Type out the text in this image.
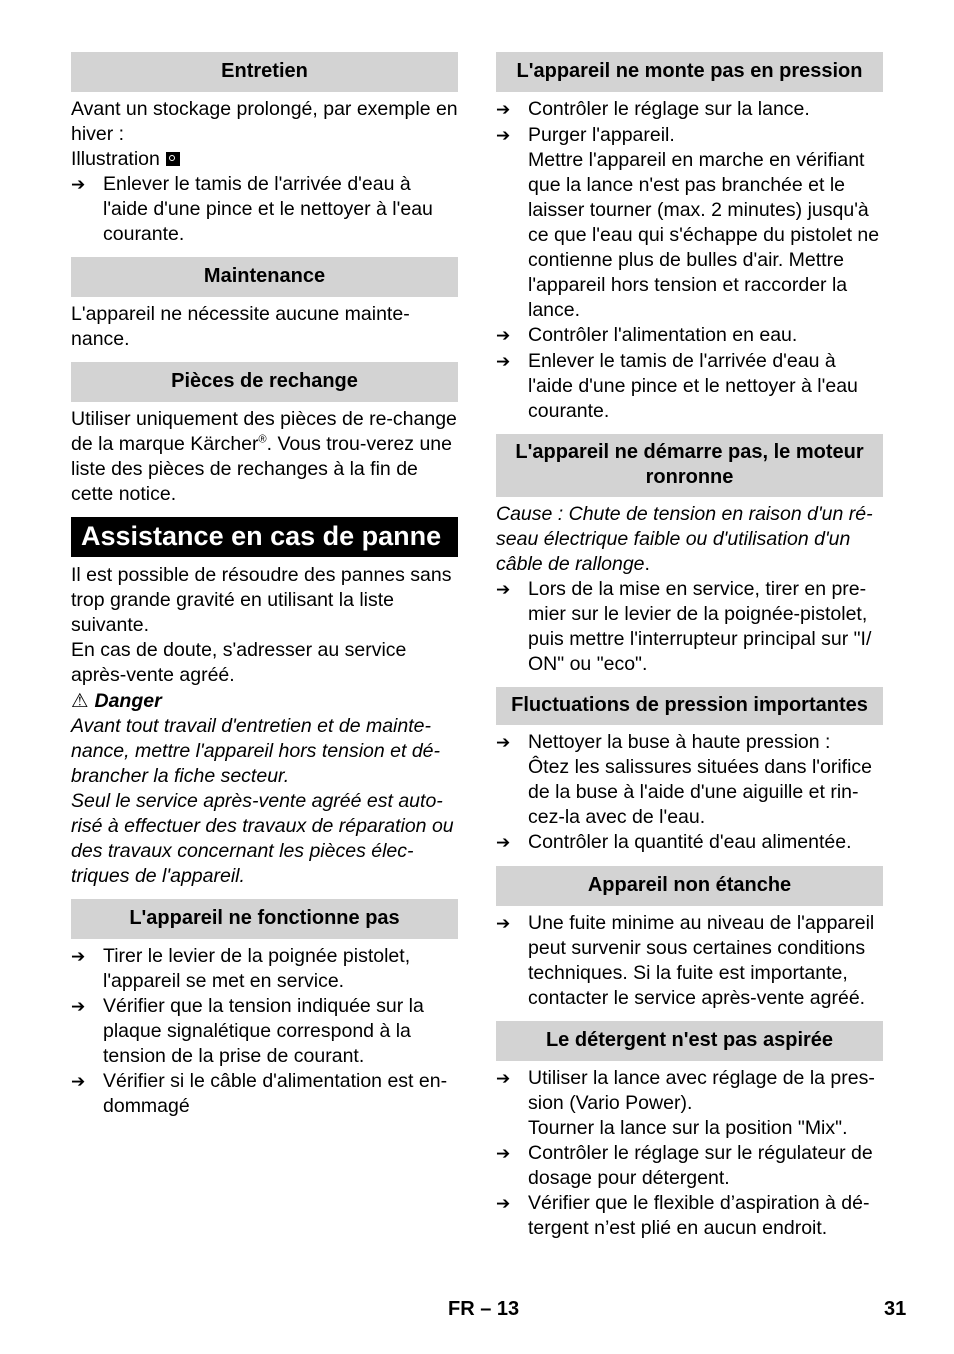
Entretien

Avant un stockage prolongé, par exemple en hiver :

Illustration

➔
Enlever le tamis de l'arrivée d'eau à l'aide d'une pince et le nettoyer à l'eau courante.
Maintenance

L'appareil ne nécessite aucune mainte-nance.

Pièces de rechange

Utiliser uniquement des pièces de re-change de la marque Kärcher®. Vous trou-verez une liste des pièces de rechanges à la fin de cette notice.

Assistance en cas de panne

Il est possible de résoudre des pannes sans trop grande gravité en utilisant la liste suivante.

En cas de doute, s'adresser au service après-vente agréé.

⚠ Danger

Avant tout travail d'entretien et de mainte-nance, mettre l'appareil hors tension et dé-brancher la fiche secteur.

Seul le service après-vente agréé est auto-risé à effectuer des travaux de réparation ou des travaux concernant les pièces élec-triques de l'appareil.

L'appareil ne fonctionne pas
➔
Tirer le levier de la poignée pistolet, l'appareil se met en service.
➔
Vérifier que la tension indiquée sur la plaque signalétique correspond à la tension de la prise de courant.
➔
Vérifier si le câble d'alimentation est en-dommagé
L'appareil ne monte pas en pression
➔
Contrôler le réglage sur la lance.
➔
Purger l'appareil.
Mettre l'appareil en marche en vérifiant que la lance n'est pas branchée et le laisser tourner (max. 2 minutes) jusqu'à ce que l'eau qui s'échappe du pistolet ne contienne plus de bulles d'air. Mettre l'appareil hors tension et raccorder la lance.
➔
Contrôler l'alimentation en eau.
➔
Enlever le tamis de l'arrivée d'eau à l'aide d'une pince et le nettoyer à l'eau courante.
L'appareil ne démarre pas, le moteur ronronne

Cause : Chute de tension en raison d'un ré-seau électrique faible ou d'utilisation d'un câble de rallonge.

➔
Lors de la mise en service, tirer en pre-mier sur le levier de la poignée-pistolet, puis mettre l'interrupteur principal sur "I/ ON" ou "eco".
Fluctuations de pression importantes
➔
Nettoyer la buse à haute pression :
Ôtez les salissures situées dans l'orifice de la buse à l'aide d'une aiguille et rin-cez-la avec de l'eau.
➔
Contrôler la quantité d'eau alimentée.
Appareil non étanche
➔
Une fuite minime au niveau de l'appareil peut survenir sous certaines conditions techniques. Si la fuite est importante, contacter le service après-vente agréé.
Le détergent n'est pas aspirée
➔
Utiliser la lance avec réglage de la pres-sion (Vario Power).
Tourner la lance sur la position "Mix".
➔
Contrôler le réglage sur le régulateur de dosage pour détergent.
➔
Vérifier que le flexible d’aspiration à dé-tergent n’est plié en aucun endroit.
FR – 13	31
